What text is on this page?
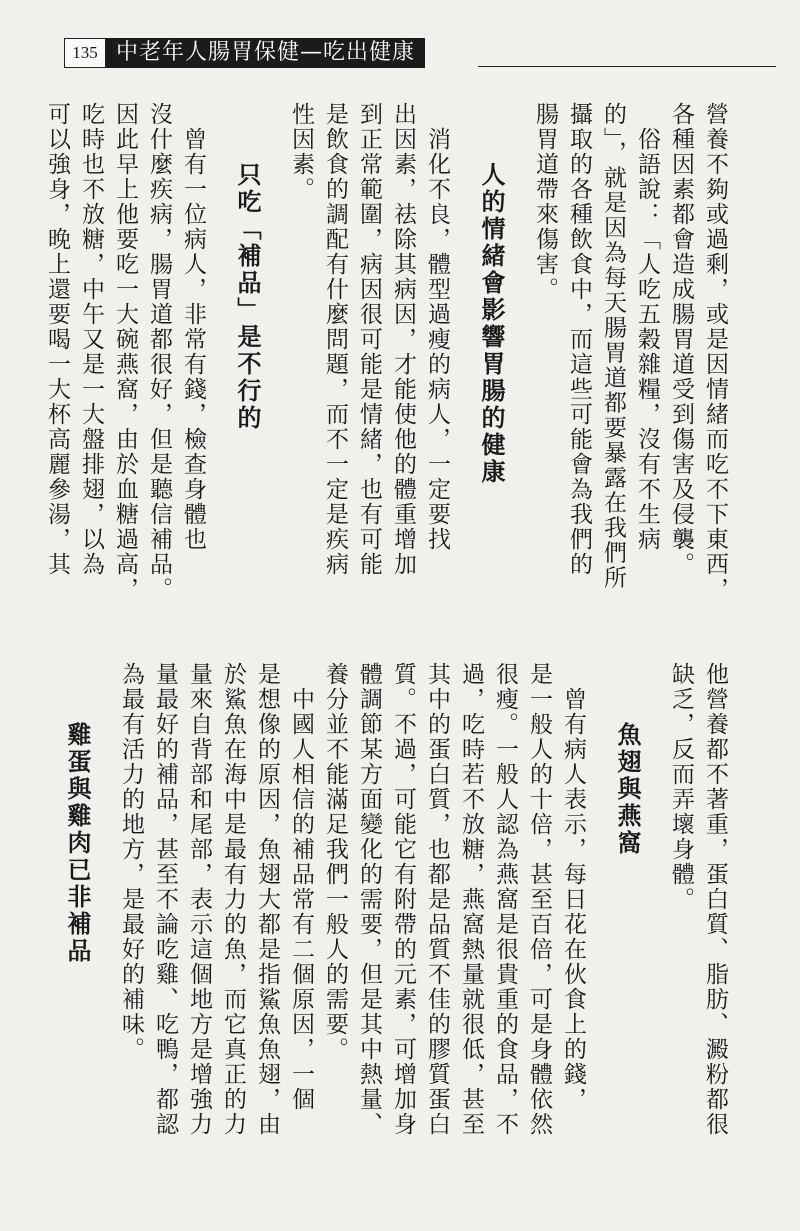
135 中老年人腸胃保健—吃出健康
營養不夠或過剩，或是因情緒而吃不下東西，
各種因素都會造成腸胃道受到傷害及侵襲。
　俗語說：「人吃五穀雜糧，沒有不生病
的」，就是因為每天腸胃道都要暴露在我們所
攝取的各種飲食中，而這些可能會為我們的
腸胃道帶來傷害。
人的情緒會影響胃腸的健康
　消化不良，體型過瘦的病人，一定要找
出因素，祛除其病因，才能使他的體重增加
到正常範圍，病因很可能是情緒，也有可能
是飲食的調配有什麼問題，而不一定是疾病
性因素。
只吃「補品」是不行的
　曾有一位病人，非常有錢，檢查身體也
沒什麼疾病，腸胃道都很好，但是聽信補品。
因此早上他要吃一大碗燕窩，由於血糖過高，
吃時也不放糖，中午又是一大盤排翅，以為
可以強身，晚上還要喝一大杯高麗參湯，其
他營養都不著重，蛋白質、脂肪、澱粉都很
缺乏，反而弄壞身體。
魚翅與燕窩
　曾有病人表示，每日花在伙食上的錢，
是一般人的十倍，甚至百倍，可是身體依然
很瘦。一般人認為燕窩是很貴重的食品，不
過，吃時若不放糖，燕窩熱量就很低，甚至
其中的蛋白質，也都是品質不佳的膠質蛋白
質。不過，可能它有附帶的元素，可增加身
體調節某方面變化的需要，但是其中熱量、
養分並不能滿足我們一般人的需要。
　中國人相信的補品常有二個原因，一個
是想像的原因，魚翅大都是指鯊魚魚翅，由
於鯊魚在海中是最有力的魚，而它真正的力
量來自背部和尾部，表示這個地方是增強力
量最好的補品，甚至不論吃雞、吃鴨，都認
為最有活力的地方，是最好的補味。
雞蛋與雞肉已非補品
